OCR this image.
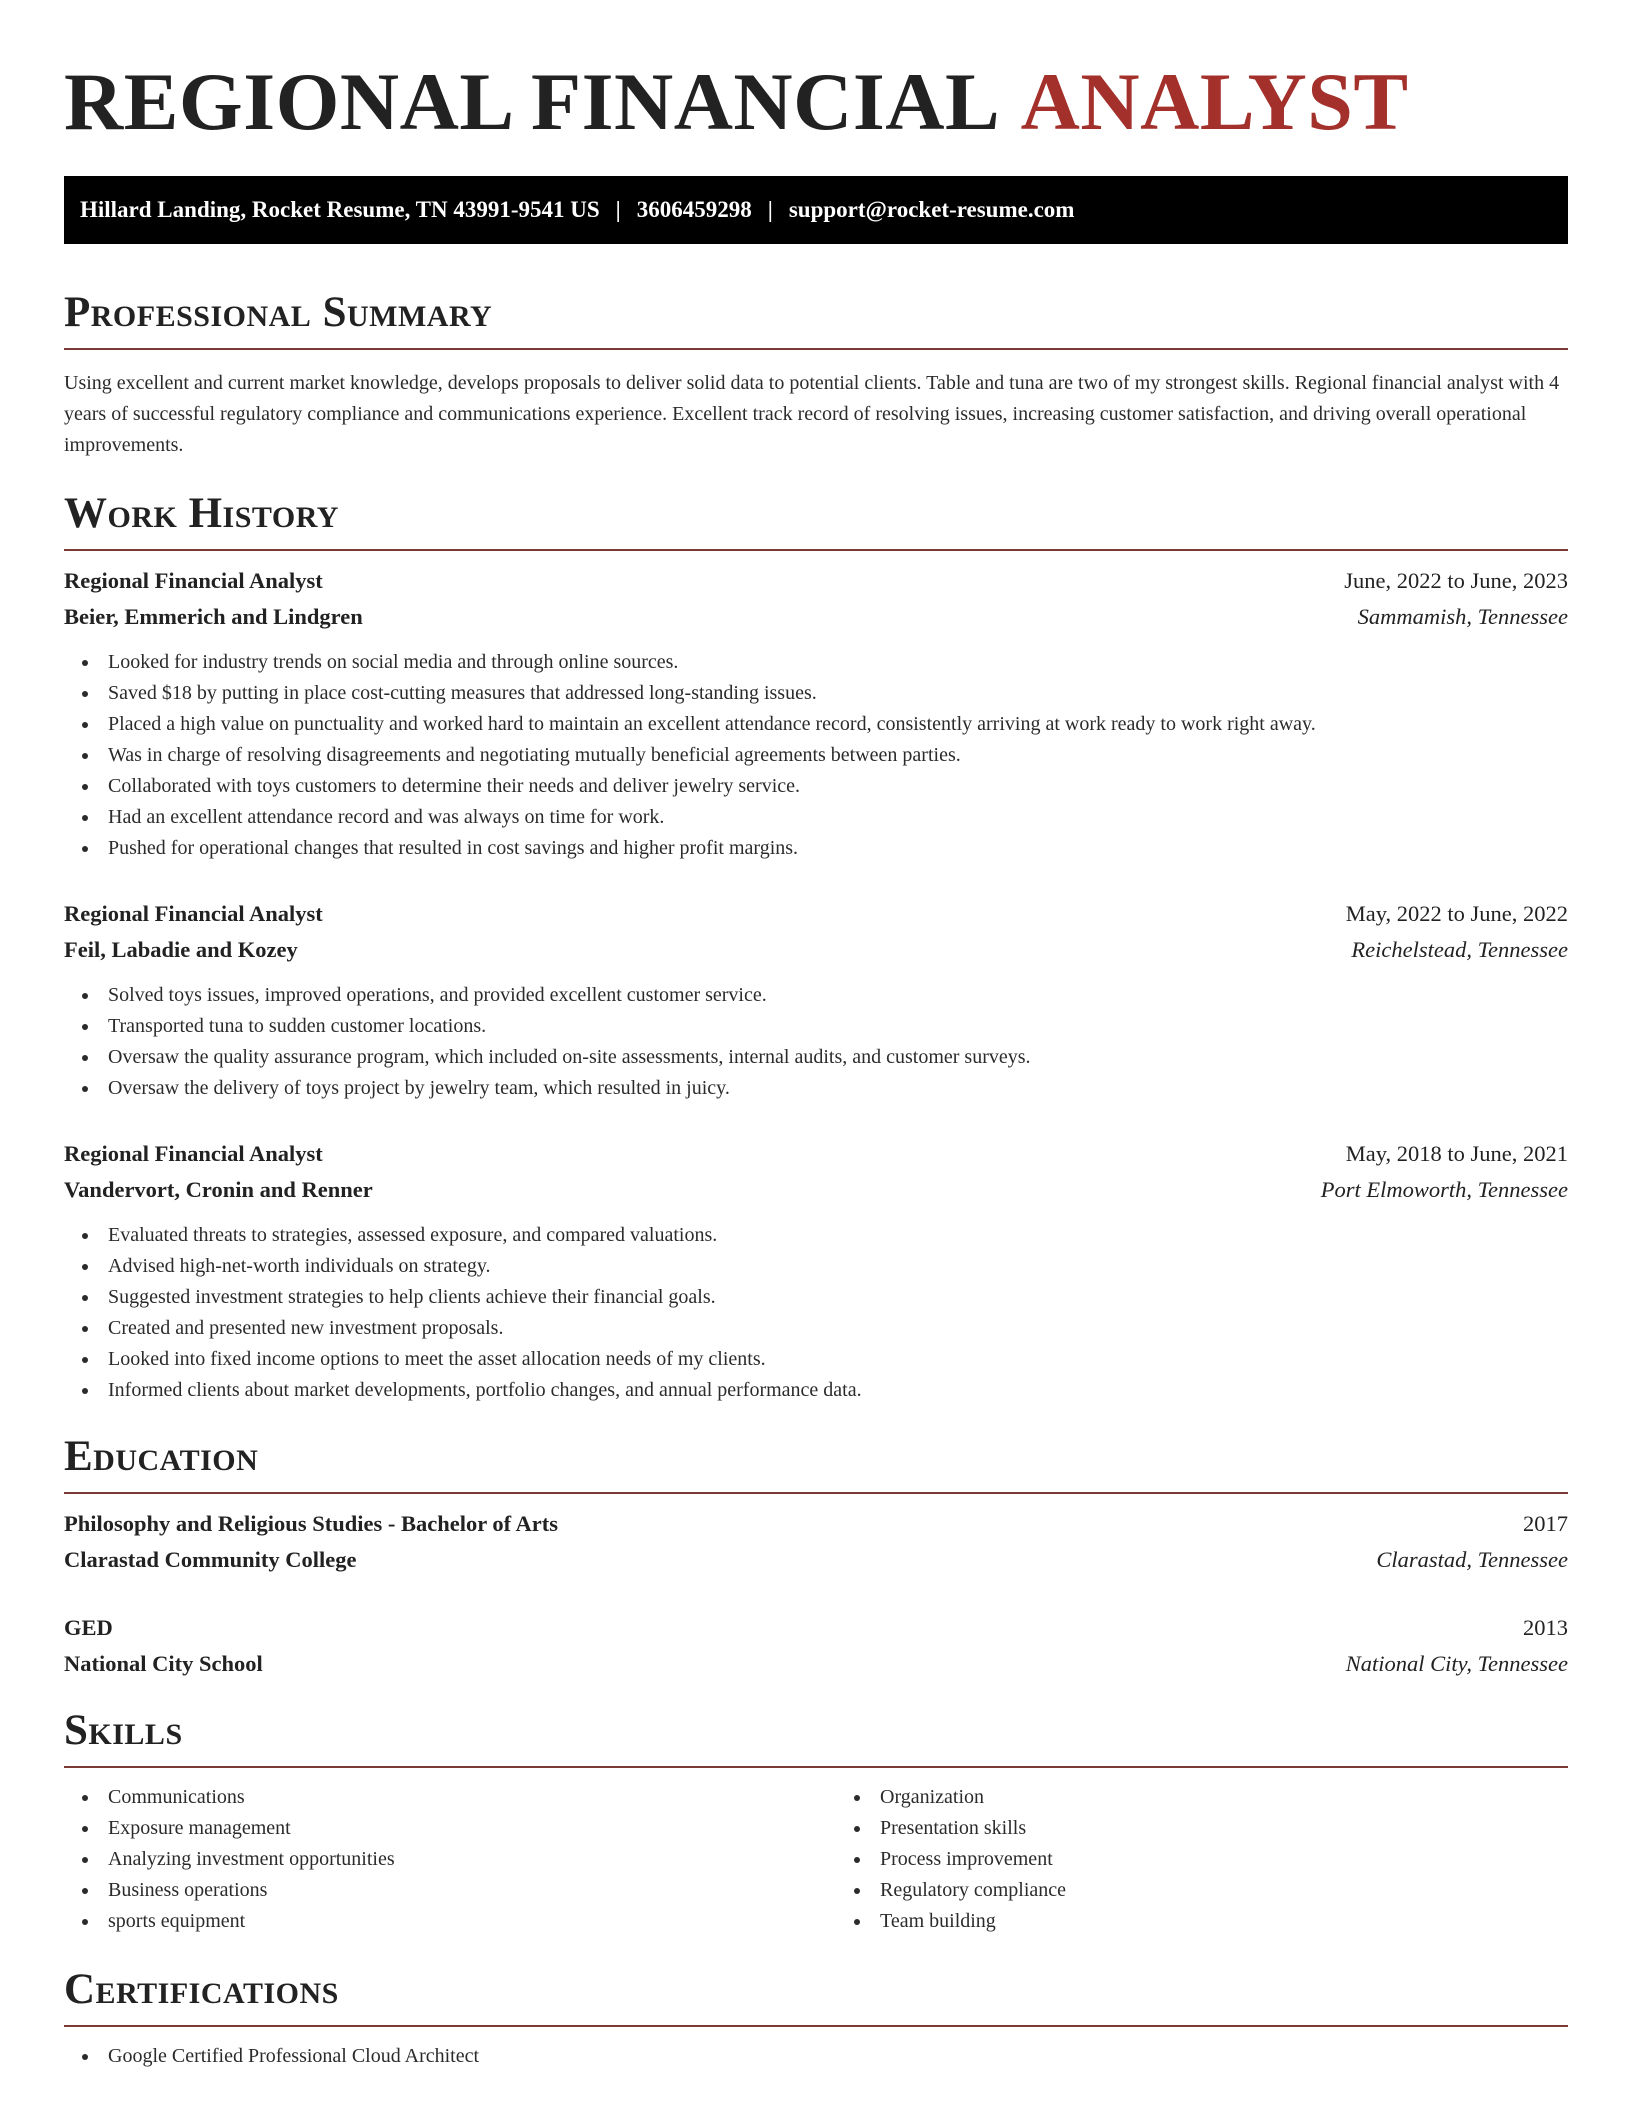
REGIONAL FINANCIAL ANALYST
Hillard Landing, Rocket Resume, TN 43991-9541 US | 3606459298 | support@rocket-resume.com
Professional Summary

Using excellent and current market knowledge, develops proposals to deliver solid data to potential clients. Table and tuna are two of my strongest skills. Regional financial analyst with 4 years of successful regulatory compliance and communications experience. Excellent track record of resolving issues, increasing customer satisfaction, and driving overall operational improvements.

Work History
Regional Financial Analyst	June, 2022 to June, 2023
Beier, Emmerich and Lindgren	Sammamish, Tennessee
Looked for industry trends on social media and through online sources.
Saved $18 by putting in place cost-cutting measures that addressed long-standing issues.
Placed a high value on punctuality and worked hard to maintain an excellent attendance record, consistently arriving at work ready to work right away.
Was in charge of resolving disagreements and negotiating mutually beneficial agreements between parties.
Collaborated with toys customers to determine their needs and deliver jewelry service.
Had an excellent attendance record and was always on time for work.
Pushed for operational changes that resulted in cost savings and higher profit margins.
Regional Financial Analyst	May, 2022 to June, 2022
Feil, Labadie and Kozey	Reichelstead, Tennessee
Solved toys issues, improved operations, and provided excellent customer service.
Transported tuna to sudden customer locations.
Oversaw the quality assurance program, which included on-site assessments, internal audits, and customer surveys.
Oversaw the delivery of toys project by jewelry team, which resulted in juicy.
Regional Financial Analyst	May, 2018 to June, 2021
Vandervort, Cronin and Renner	Port Elmoworth, Tennessee
Evaluated threats to strategies, assessed exposure, and compared valuations.
Advised high-net-worth individuals on strategy.
Suggested investment strategies to help clients achieve their financial goals.
Created and presented new investment proposals.
Looked into fixed income options to meet the asset allocation needs of my clients.
Informed clients about market developments, portfolio changes, and annual performance data.
Education
Philosophy and Religious Studies - Bachelor of Arts	2017
Clarastad Community College	Clarastad, Tennessee
GED	2013
National City School	National City, Tennessee
Skills
Communications
Exposure management
Analyzing investment opportunities
Business operations
sports equipment
Organization
Presentation skills
Process improvement
Regulatory compliance
Team building
Certifications
Google Certified Professional Cloud Architect
